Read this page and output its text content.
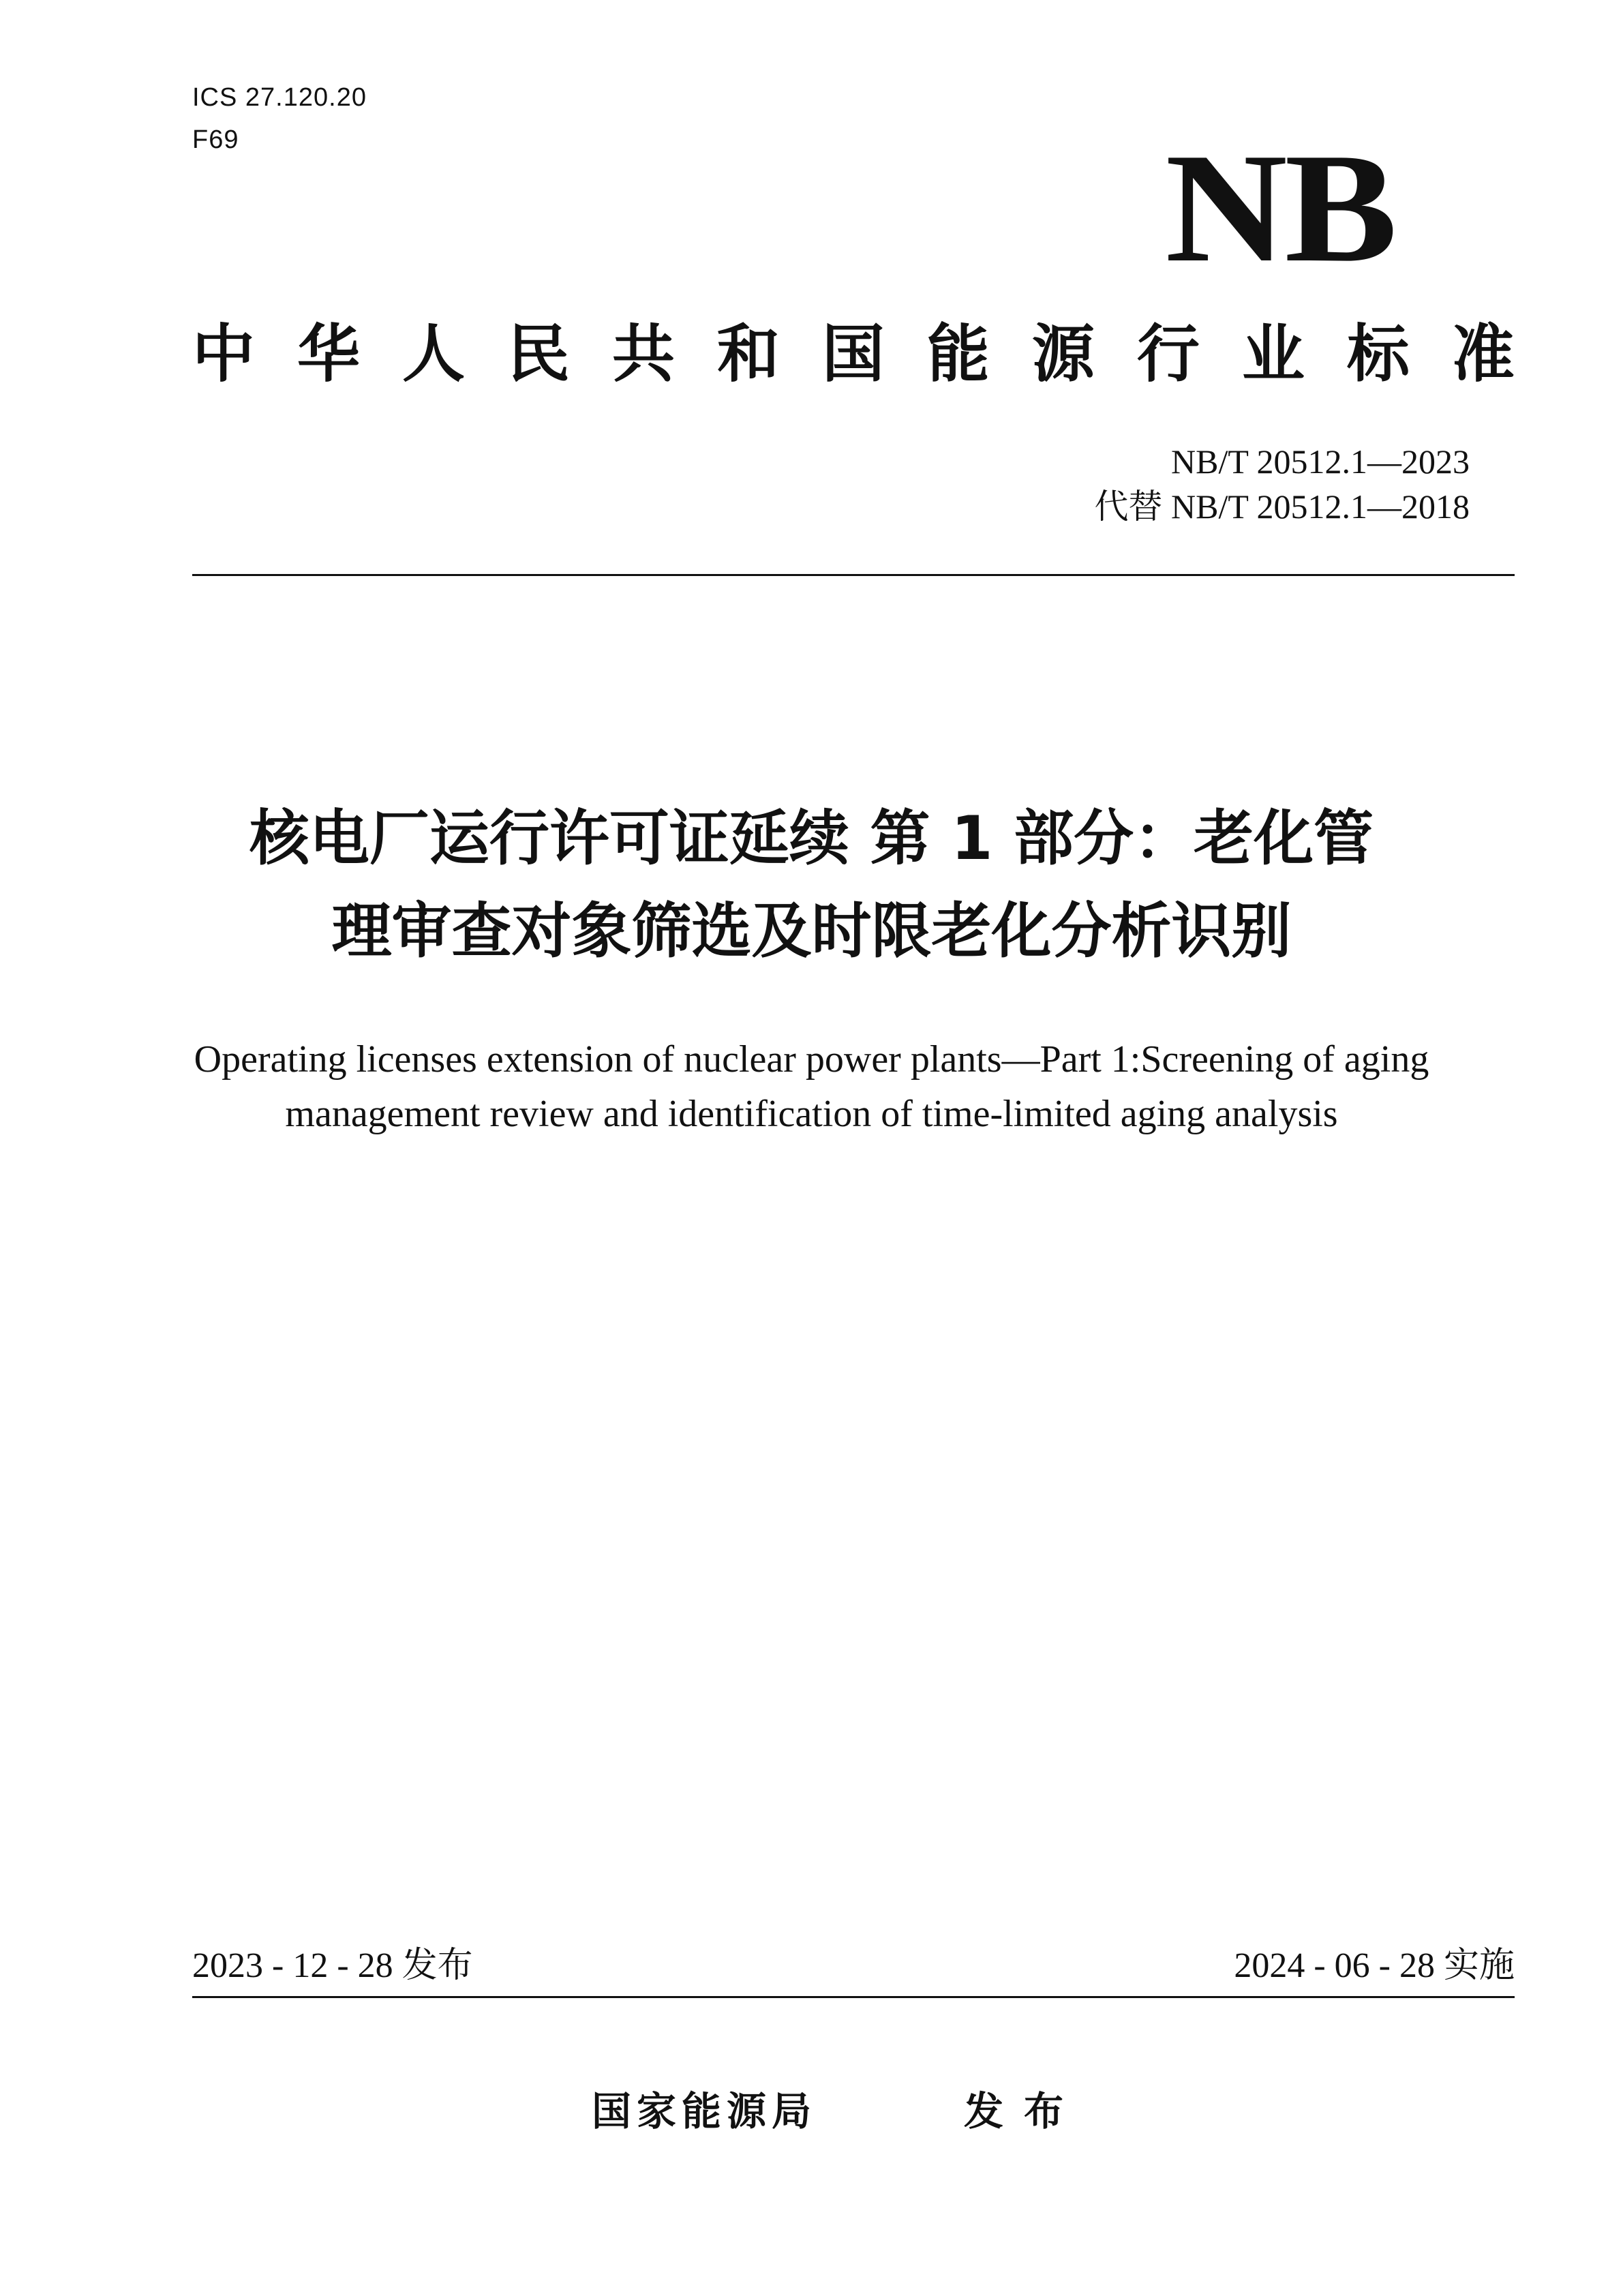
ICS 27.120.20
F69	NB
中 华 人 民 共 和 国 能 源 行 业 标 准
NB/T 20512.1—2023
代替 NB/T 20512.1—2018
核电厂运行许可证延续 第 1 部分：老化管
理审查对象筛选及时限老化分析识别
Operating licenses extension of nuclear power plants—Part 1:Screening of aging
management review and identification of time-limited aging analysis
2023 - 12 - 28 发布	2024 - 06 - 28 实施
国家能源局	发布
